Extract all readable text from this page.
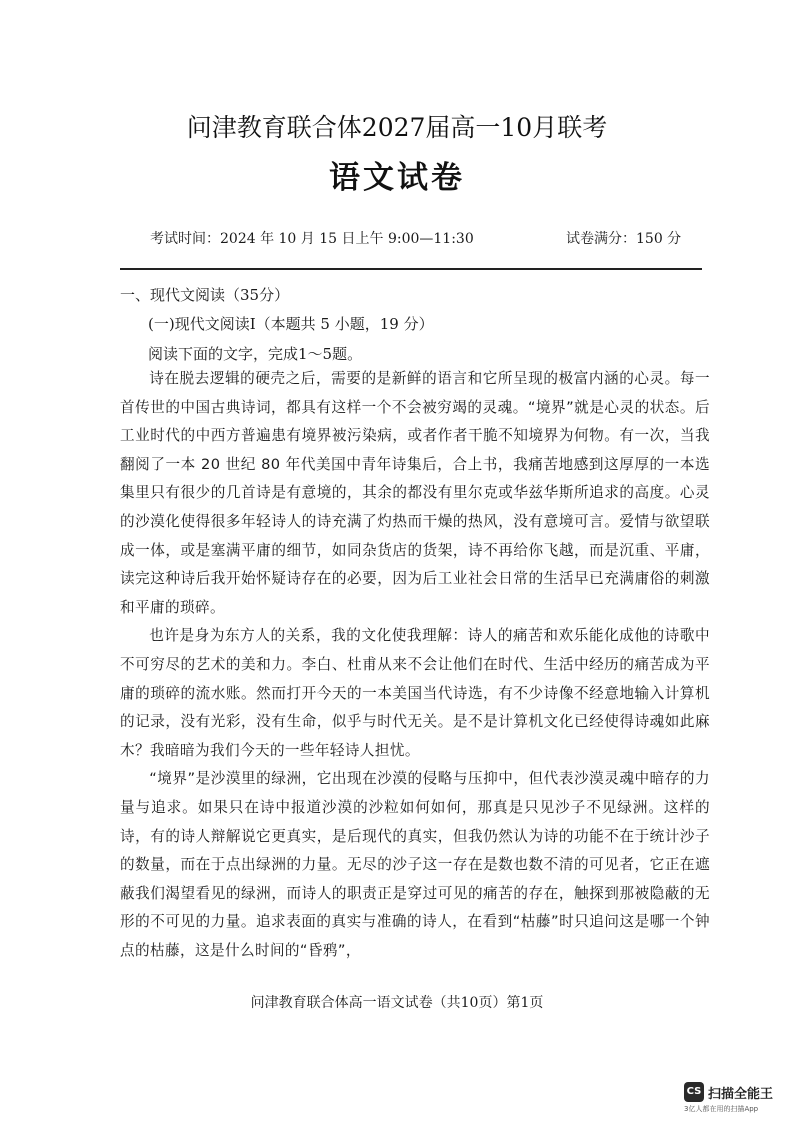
问津教育联合体2027届高一10月联考
语文试卷
考试时间：2024 年 10 月 15 日上午 9:00—11:30	试卷满分：150 分
一、现代文阅读（35分）
(一)现代文阅读Ⅰ（本题共 5 小题，19 分）
阅读下面的文字，完成1～5题。

诗在脱去逻辑的硬壳之后，需要的是新鲜的语言和它所呈现的极富内涵的心灵。每一首传世的中国古典诗词，都具有这样一个不会被穷竭的灵魂。“境界”就是心灵的状态。后工业时代的中西方普遍患有境界被污染病，或者作者干脆不知境界为何物。有一次，当我翻阅了一本 20 世纪 80 年代美国中青年诗集后，合上书，我痛苦地感到这厚厚的一本选集里只有很少的几首诗是有意境的，其余的都没有里尔克或华兹华斯所追求的高度。心灵的沙漠化使得很多年轻诗人的诗充满了灼热而干燥的热风，没有意境可言。爱情与欲望联成一体，或是塞满平庸的细节，如同杂货店的货架，诗不再给你飞越，而是沉重、平庸，读完这种诗后我开始怀疑诗存在的必要，因为后工业社会日常的生活早已充满庸俗的刺激和平庸的琐碎。

也许是身为东方人的关系，我的文化使我理解：诗人的痛苦和欢乐能化成他的诗歌中不可穷尽的艺术的美和力。李白、杜甫从来不会让他们在时代、生活中经历的痛苦成为平庸的琐碎的流水账。然而打开今天的一本美国当代诗选，有不少诗像不经意地输入计算机的记录，没有光彩，没有生命，似乎与时代无关。是不是计算机文化已经使得诗魂如此麻木？我暗暗为我们今天的一些年轻诗人担忧。

“境界”是沙漠里的绿洲，它出现在沙漠的侵略与压抑中，但代表沙漠灵魂中暗存的力量与追求。如果只在诗中报道沙漠的沙粒如何如何，那真是只见沙子不见绿洲。这样的诗，有的诗人辩解说它更真实，是后现代的真实，但我仍然认为诗的功能不在于统计沙子的数量，而在于点出绿洲的力量。无尽的沙子这一存在是数也数不清的可见者，它正在遮蔽我们渴望看见的绿洲，而诗人的职责正是穿过可见的痛苦的存在，触探到那被隐蔽的无形的不可见的力量。追求表面的真实与准确的诗人，在看到“枯藤”时只追问这是哪一个钟点的枯藤，这是什么时间的“昏鸦”，

问津教育联合体高一语文试卷（共10页）第1页
CS 扫描全能王
3亿人都在用的扫描App
